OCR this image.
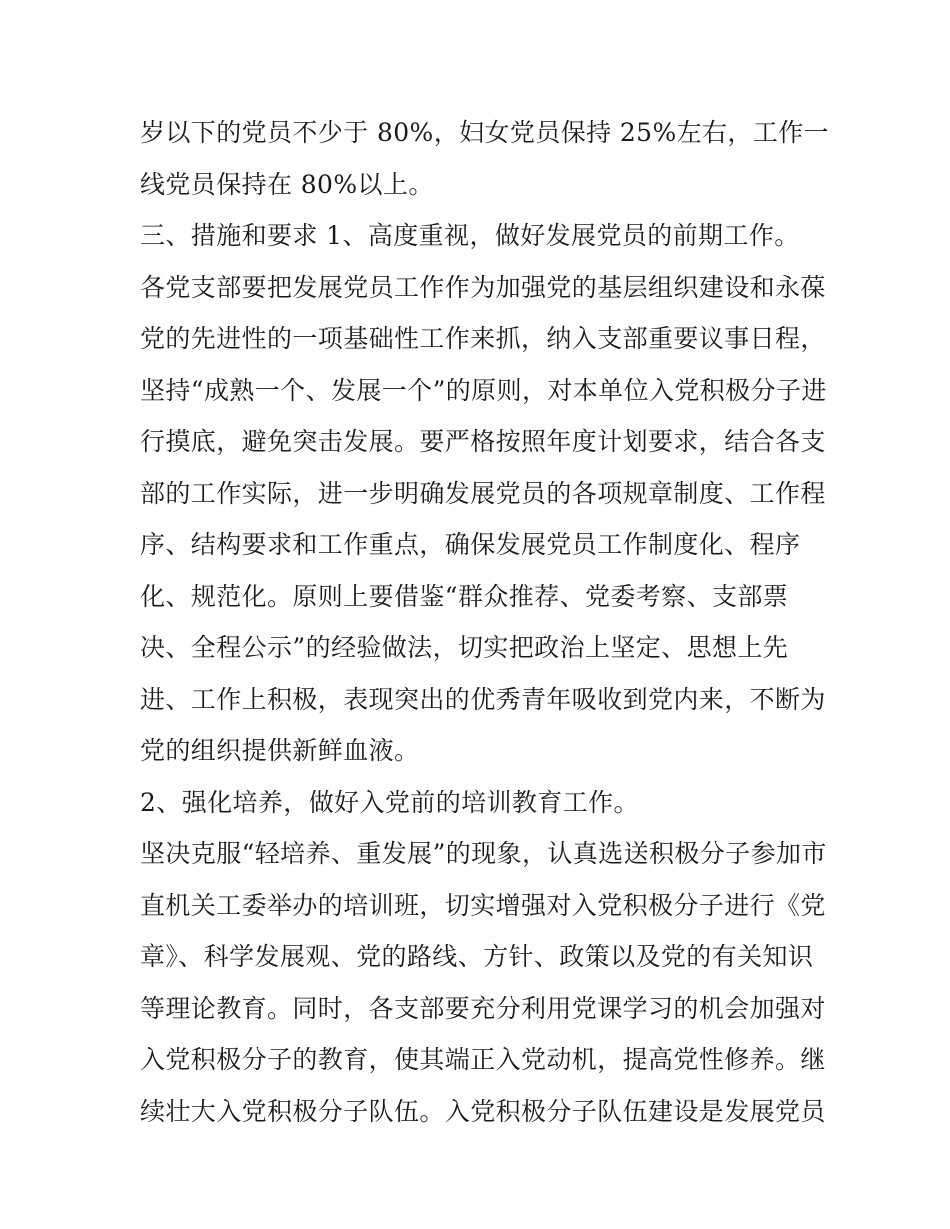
岁以下的党员不少于 80%，妇女党员保持 25%左右，工作一
线党员保持在 80%以上。
三、措施和要求 1、高度重视，做好发展党员的前期工作。
各党支部要把发展党员工作作为加强党的基层组织建设和永葆
党的先进性的一项基础性工作来抓，纳入支部重要议事日程，
坚持“成熟一个、发展一个”的原则，对本单位入党积极分子进
行摸底，避免突击发展。要严格按照年度计划要求，结合各支
部的工作实际，进一步明确发展党员的各项规章制度、工作程
序、结构要求和工作重点，确保发展党员工作制度化、程序
化、规范化。原则上要借鉴“群众推荐、党委考察、支部票
决、全程公示”的经验做法，切实把政治上坚定、思想上先
进、工作上积极，表现突出的优秀青年吸收到党内来，不断为
党的组织提供新鲜血液。
2、强化培养，做好入党前的培训教育工作。
坚决克服“轻培养、重发展”的现象，认真选送积极分子参加市
直机关工委举办的培训班，切实增强对入党积极分子进行《党
章》、科学发展观、党的路线、方针、政策以及党的有关知识
等理论教育。同时，各支部要充分利用党课学习的机会加强对
入党积极分子的教育，使其端正入党动机，提高党性修养。继
续壮大入党积极分子队伍。入党积极分子队伍建设是发展党员
